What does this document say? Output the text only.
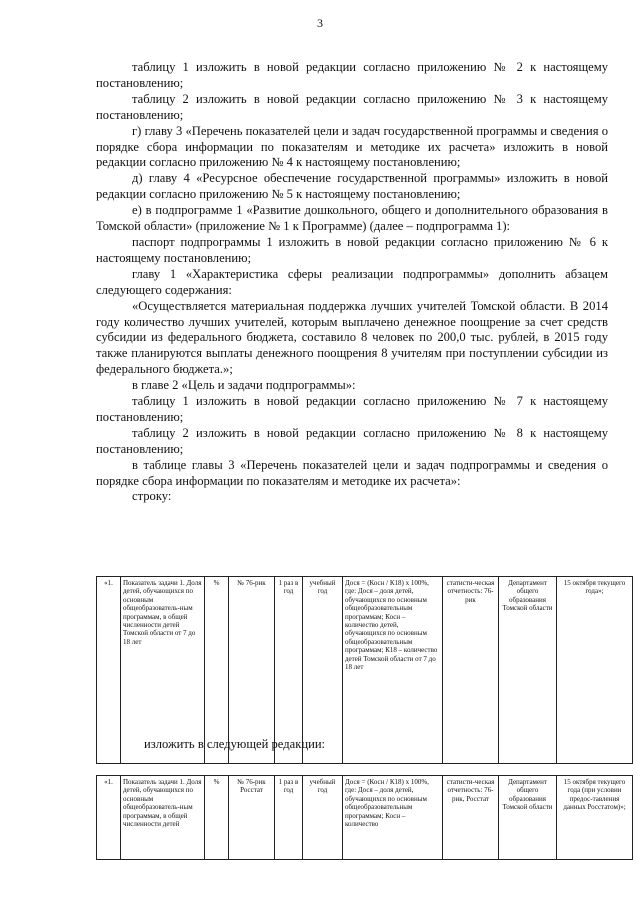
3

таблицу 1 изложить в новой редакции согласно приложению № 2 к настоящему постановлению;

таблицу 2 изложить в новой редакции согласно приложению № 3 к настоящему постановлению;

г) главу 3 «Перечень показателей цели и задач государственной программы и сведения о порядке сбора информации по показателям и методике их расчета» изложить в новой редакции согласно приложению № 4 к настоящему постановлению;

д) главу 4 «Ресурсное обеспечение государственной программы» изложить в новой редакции согласно приложению № 5 к настоящему постановлению;

е) в подпрограмме 1 «Развитие дошкольного, общего и дополнительного образования в Томской области» (приложение № 1 к Программе) (далее – подпрограмма 1):

паспорт подпрограммы 1 изложить в новой редакции согласно приложению № 6 к настоящему постановлению;

главу 1 «Характеристика сферы реализации подпрограммы» дополнить абзацем следующего содержания:

«Осуществляется материальная поддержка лучших учителей Томской области. В 2014 году количество лучших учителей, которым выплачено денежное поощрение за счет средств субсидии из федерального бюджета, составило 8 человек по 200,0 тыс. рублей, в 2015 году также планируются выплаты денежного поощрения 8 учителям при поступлении субсидии из федерального бюджета.»;

в главе 2 «Цель и задачи подпрограммы»:

таблицу 1 изложить в новой редакции согласно приложению № 7 к настоящему постановлению;

таблицу 2 изложить в новой редакции согласно приложению № 8 к настоящему постановлению;

в таблице главы 3 «Перечень показателей цели и задач подпрограммы и сведения о порядке сбора информации по показателям и методике их расчета»:

строку:

«1.	Показатель задачи 1. Доля детей, обучающихся по основным общеобразователь-ным программам, в общей численности детей Томской области от 7 до 18 лет	%	№ 76-рик	1 раз в год	учебный год	Дося = (Косн / К18) х 100%, где: Дося – доля детей, обучающихся по основным общеобразовательным программам; Косн – количество детей, обучающихся по основным общеобразовательным программам; К18 – количество детей Томской области от 7 до 18 лет	статисти-ческая отчетность: 76-рик	Департамент общего образования Томской области	15 октября текущего года»;
изложить в следующей редакции:
«1.	Показатель задачи 1. Доля детей, обучающихся по основным общеобразователь-ным программам, в общей численности детей	%	№ 76-рик Росстат	1 раз в год	учебный год	Дося = (Косн / К18) х 100%, где: Дося – доля детей, обучающихся по основным общеобразовательным программам; Косн – количество	статисти-ческая отчетность: 76-рик, Росстат	Департамент общего образования Томской области	15 октября текущего года (при условии предос-тавления данных Росстатом)»;
